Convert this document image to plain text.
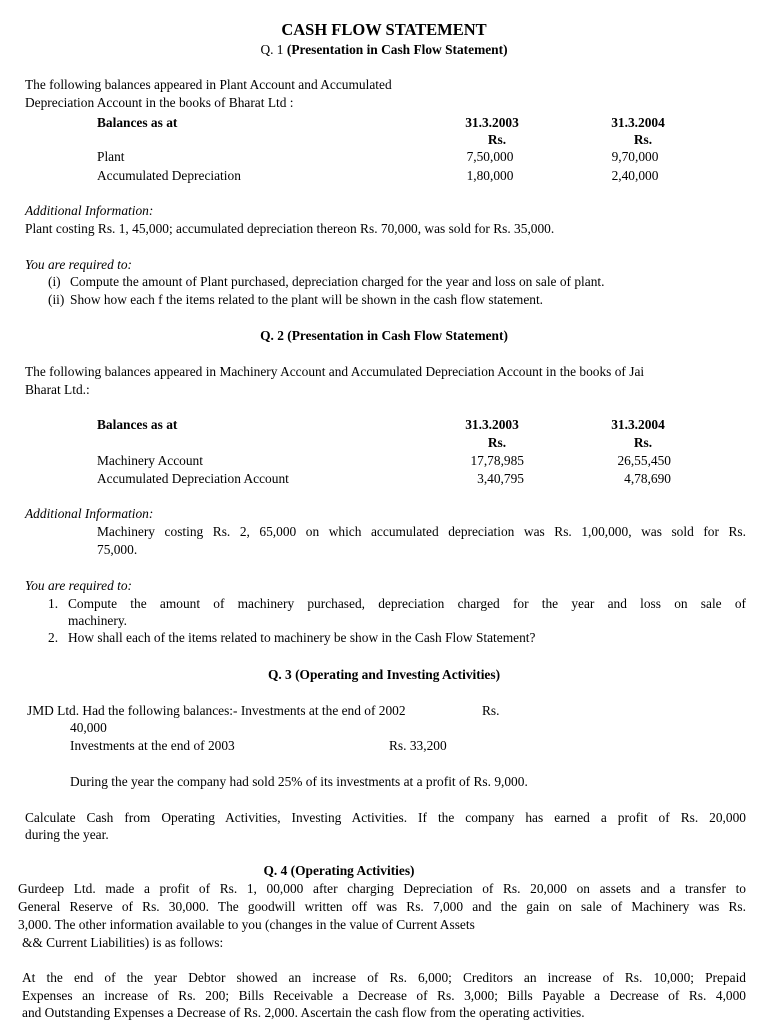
CASH FLOW STATEMENT
Q. 1 (Presentation in Cash Flow Statement)
The following balances appeared in Plant Account and Accumulated
Depreciation Account in the books of Bharat Ltd :
Balances as at	31.3.2003	31.3.2004
Rs.	Rs.
Plant	7,50,000	9,70,000
Accumulated Depreciation	1,80,000	2,40,000
Additional Information:
Plant costing Rs. 1, 45,000; accumulated depreciation thereon Rs. 70,000, was sold for Rs. 35,000.
You are required to:
(i) Compute the amount of Plant purchased, depreciation charged for the year and loss on sale of plant.
(ii) Show how each f the items related to the plant will be shown in the cash flow statement.
Q. 2 (Presentation in Cash Flow Statement)
The following balances appeared in Machinery Account and Accumulated Depreciation Account in the books of Jai
Bharat Ltd.:
Balances as at	31.3.2003	31.3.2004
Rs.	Rs.
Machinery Account	17,78,985	26,55,450
Accumulated Depreciation Account	3,40,795	4,78,690
Additional Information:
Machinery costing Rs. 2, 65,000 on which accumulated depreciation was Rs. 1,00,000, was sold for Rs.
75,000.
You are required to:
1. Compute the amount of machinery purchased, depreciation charged for the year and loss on sale of
machinery.
2. How shall each of the items related to machinery be show in the Cash Flow Statement?
Q. 3 (Operating and Investing Activities)
JMD Ltd. Had the following balances:- Investments at the end of 2002	Rs.
40,000
Investments at the end of 2003	Rs. 33,200
During the year the company had sold 25% of its investments at a profit of Rs. 9,000.
Calculate Cash from Operating Activities, Investing Activities. If the company has earned a profit of Rs. 20,000
during the year.
Q. 4 (Operating Activities)
Gurdeep Ltd. made a profit of Rs. 1, 00,000 after charging Depreciation of Rs. 20,000 on assets and a transfer to
General Reserve of Rs. 30,000. The goodwill written off was Rs. 7,000 and the gain on sale of Machinery was Rs.
3,000. The other information available to you (changes in the value of Current Assets
&& Current Liabilities) is as follows:
At the end of the year Debtor showed an increase of Rs. 6,000; Creditors an increase of Rs. 10,000; Prepaid
Expenses an increase of Rs. 200; Bills Receivable a Decrease of Rs. 3,000; Bills Payable a Decrease of Rs. 4,000
and Outstanding Expenses a Decrease of Rs. 2,000. Ascertain the cash flow from the operating activities.
